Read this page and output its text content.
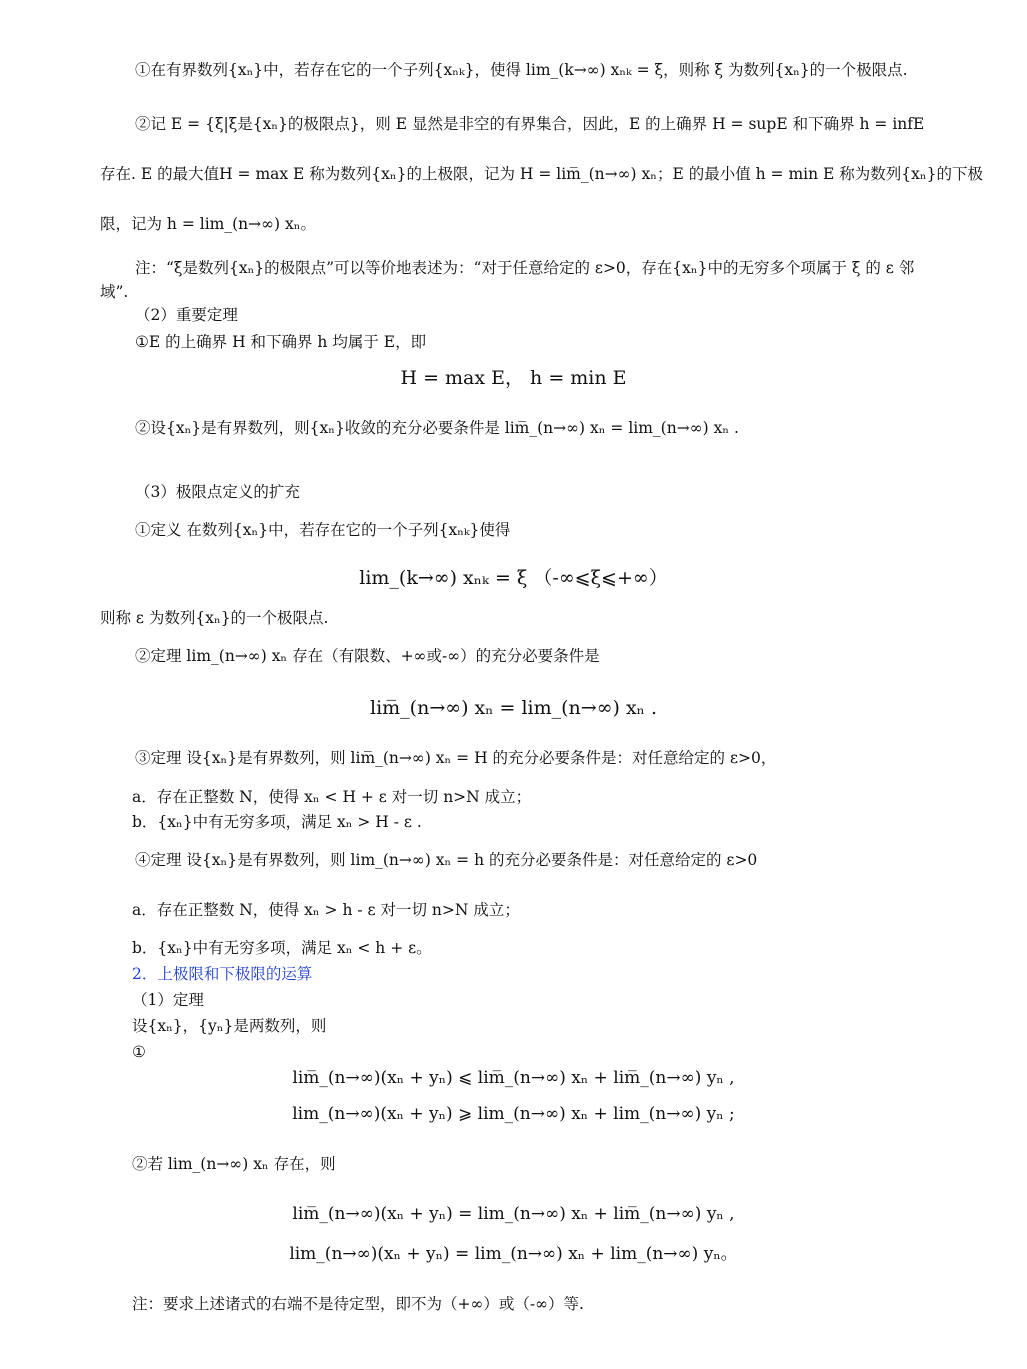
①在有界数列{xₙ}中，若存在它的一个子列{xₙₖ}，使得 lim_(k→∞) xₙₖ = ξ，则称 ξ 为数列{xₙ}的一个极限点.
②记 E = {ξ|ξ是{xₙ}的极限点}，则 E 显然是非空的有界集合，因此，E 的上确界 H = supE 和下确界 h = infE
存在. E 的最大值H = max E 称为数列{xₙ}的上极限，记为 H = lim̅_(n→∞) xₙ；E 的最小值 h = min E 称为数列{xₙ}的下极
限，记为 h = lim_(n→∞) xₙ。
注：“ξ是数列{xₙ}的极限点”可以等价地表述为：“对于任意给定的 ε>0，存在{xₙ}中的无穷多个项属于 ξ 的 ε 邻域”.
（2）重要定理
①E 的上确界 H 和下确界 h 均属于 E，即
H = max E， h = min E
②设{xₙ}是有界数列，则{xₙ}收敛的充分必要条件是 lim̅_(n→∞) xₙ = lim_(n→∞) xₙ .
（3）极限点定义的扩充
①定义 在数列{xₙ}中，若存在它的一个子列{xₙₖ}使得
lim_(k→∞) xₙₖ = ξ （-∞⩽ξ⩽+∞）
则称 ε 为数列{xₙ}的一个极限点.
②定理 lim_(n→∞) xₙ 存在（有限数、+∞或-∞）的充分必要条件是
lim̅_(n→∞) xₙ = lim_(n→∞) xₙ .
③定理 设{xₙ}是有界数列，则 lim̅_(n→∞) xₙ = H 的充分必要条件是：对任意给定的 ε>0，
a．存在正整数 N，使得 xₙ < H + ε 对一切 n>N 成立；
b．{xₙ}中有无穷多项，满足 xₙ > H - ε .
④定理 设{xₙ}是有界数列，则 lim_(n→∞) xₙ = h 的充分必要条件是：对任意给定的 ε>0
a．存在正整数 N，使得 xₙ > h - ε 对一切 n>N 成立；
b．{xₙ}中有无穷多项，满足 xₙ < h + ε。
2．上极限和下极限的运算
（1）定理
设{xₙ}，{yₙ}是两数列，则
①
lim̅_(n→∞)(xₙ + yₙ) ⩽ lim̅_(n→∞) xₙ + lim̅_(n→∞) yₙ ,
lim_(n→∞)(xₙ + yₙ) ⩾ lim_(n→∞) xₙ + lim_(n→∞) yₙ ;
②若 lim_(n→∞) xₙ 存在，则
lim̅_(n→∞)(xₙ + yₙ) = lim_(n→∞) xₙ + lim̅_(n→∞) yₙ ,
lim_(n→∞)(xₙ + yₙ) = lim_(n→∞) xₙ + lim_(n→∞) yₙ。
注：要求上述诸式的右端不是待定型，即不为（+∞）或（-∞）等.
